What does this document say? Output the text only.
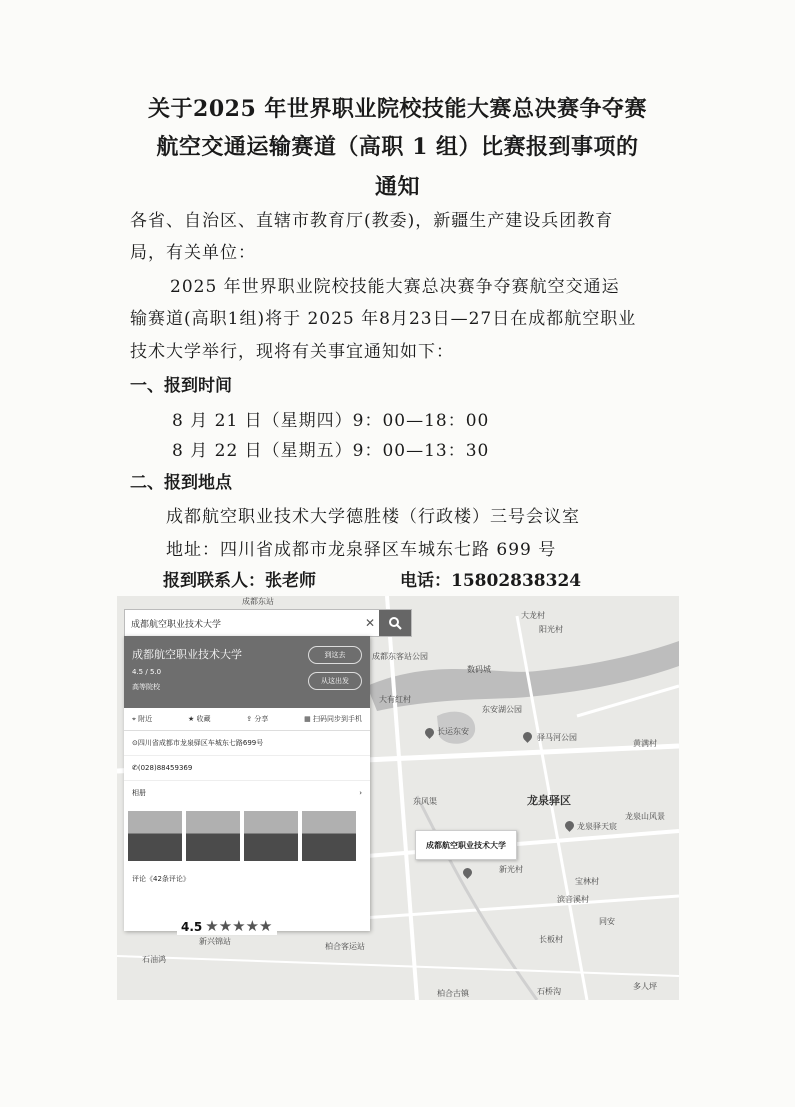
关于2025 年世界职业院校技能大赛总决赛争夺赛
航空交通运输赛道（高职 1 组）比赛报到事项的
通知
各省、自治区、直辖市教育厅(教委)，新疆生产建设兵团教育
局，有关单位：
2025 年世界职业院校技能大赛总决赛争夺赛航空交通运
输赛道(高职1组)将于 2025 年8月23日—27日在成都航空职业
技术大学举行，现将有关事宜通知如下：
一、报到时间
8 月 21 日（星期四）9：00—18：00
8 月 22 日（星期五）9：00—13：30
二、报到地点
成都航空职业技术大学德胜楼（行政楼）三号会议室
地址：四川省成都市龙泉驿区车城东七路 699 号
报到联系人：张老师	电话：15802838324
成都东站
大龙村
阳光村
数码城
成都东客站公园
大有红村
东安湖公园
长运东安
驿马河公园
黄满村
龙泉驿区
龙泉驿天宸
龙泉山风景
新光村
宝林村
滨音溪村
新兴锦站
石油鸿
柏合客运站
长板村
柏合古镇	石桥沟
东风渠
多人坪
同安
成都航空职业技术大学
成都航空职业技术大学
✕
成都航空职业技术大学
4.5 / 5.0
高等院校
到这去
从这出发
⌖ 附近	★ 收藏	⇪ 分享	▦ 扫码同步到手机
⊙ 四川省成都市龙泉驿区车城东七路699号
✆ (028)88459369
相册	›
评论《42条评论》
4.5 ★★★★★
